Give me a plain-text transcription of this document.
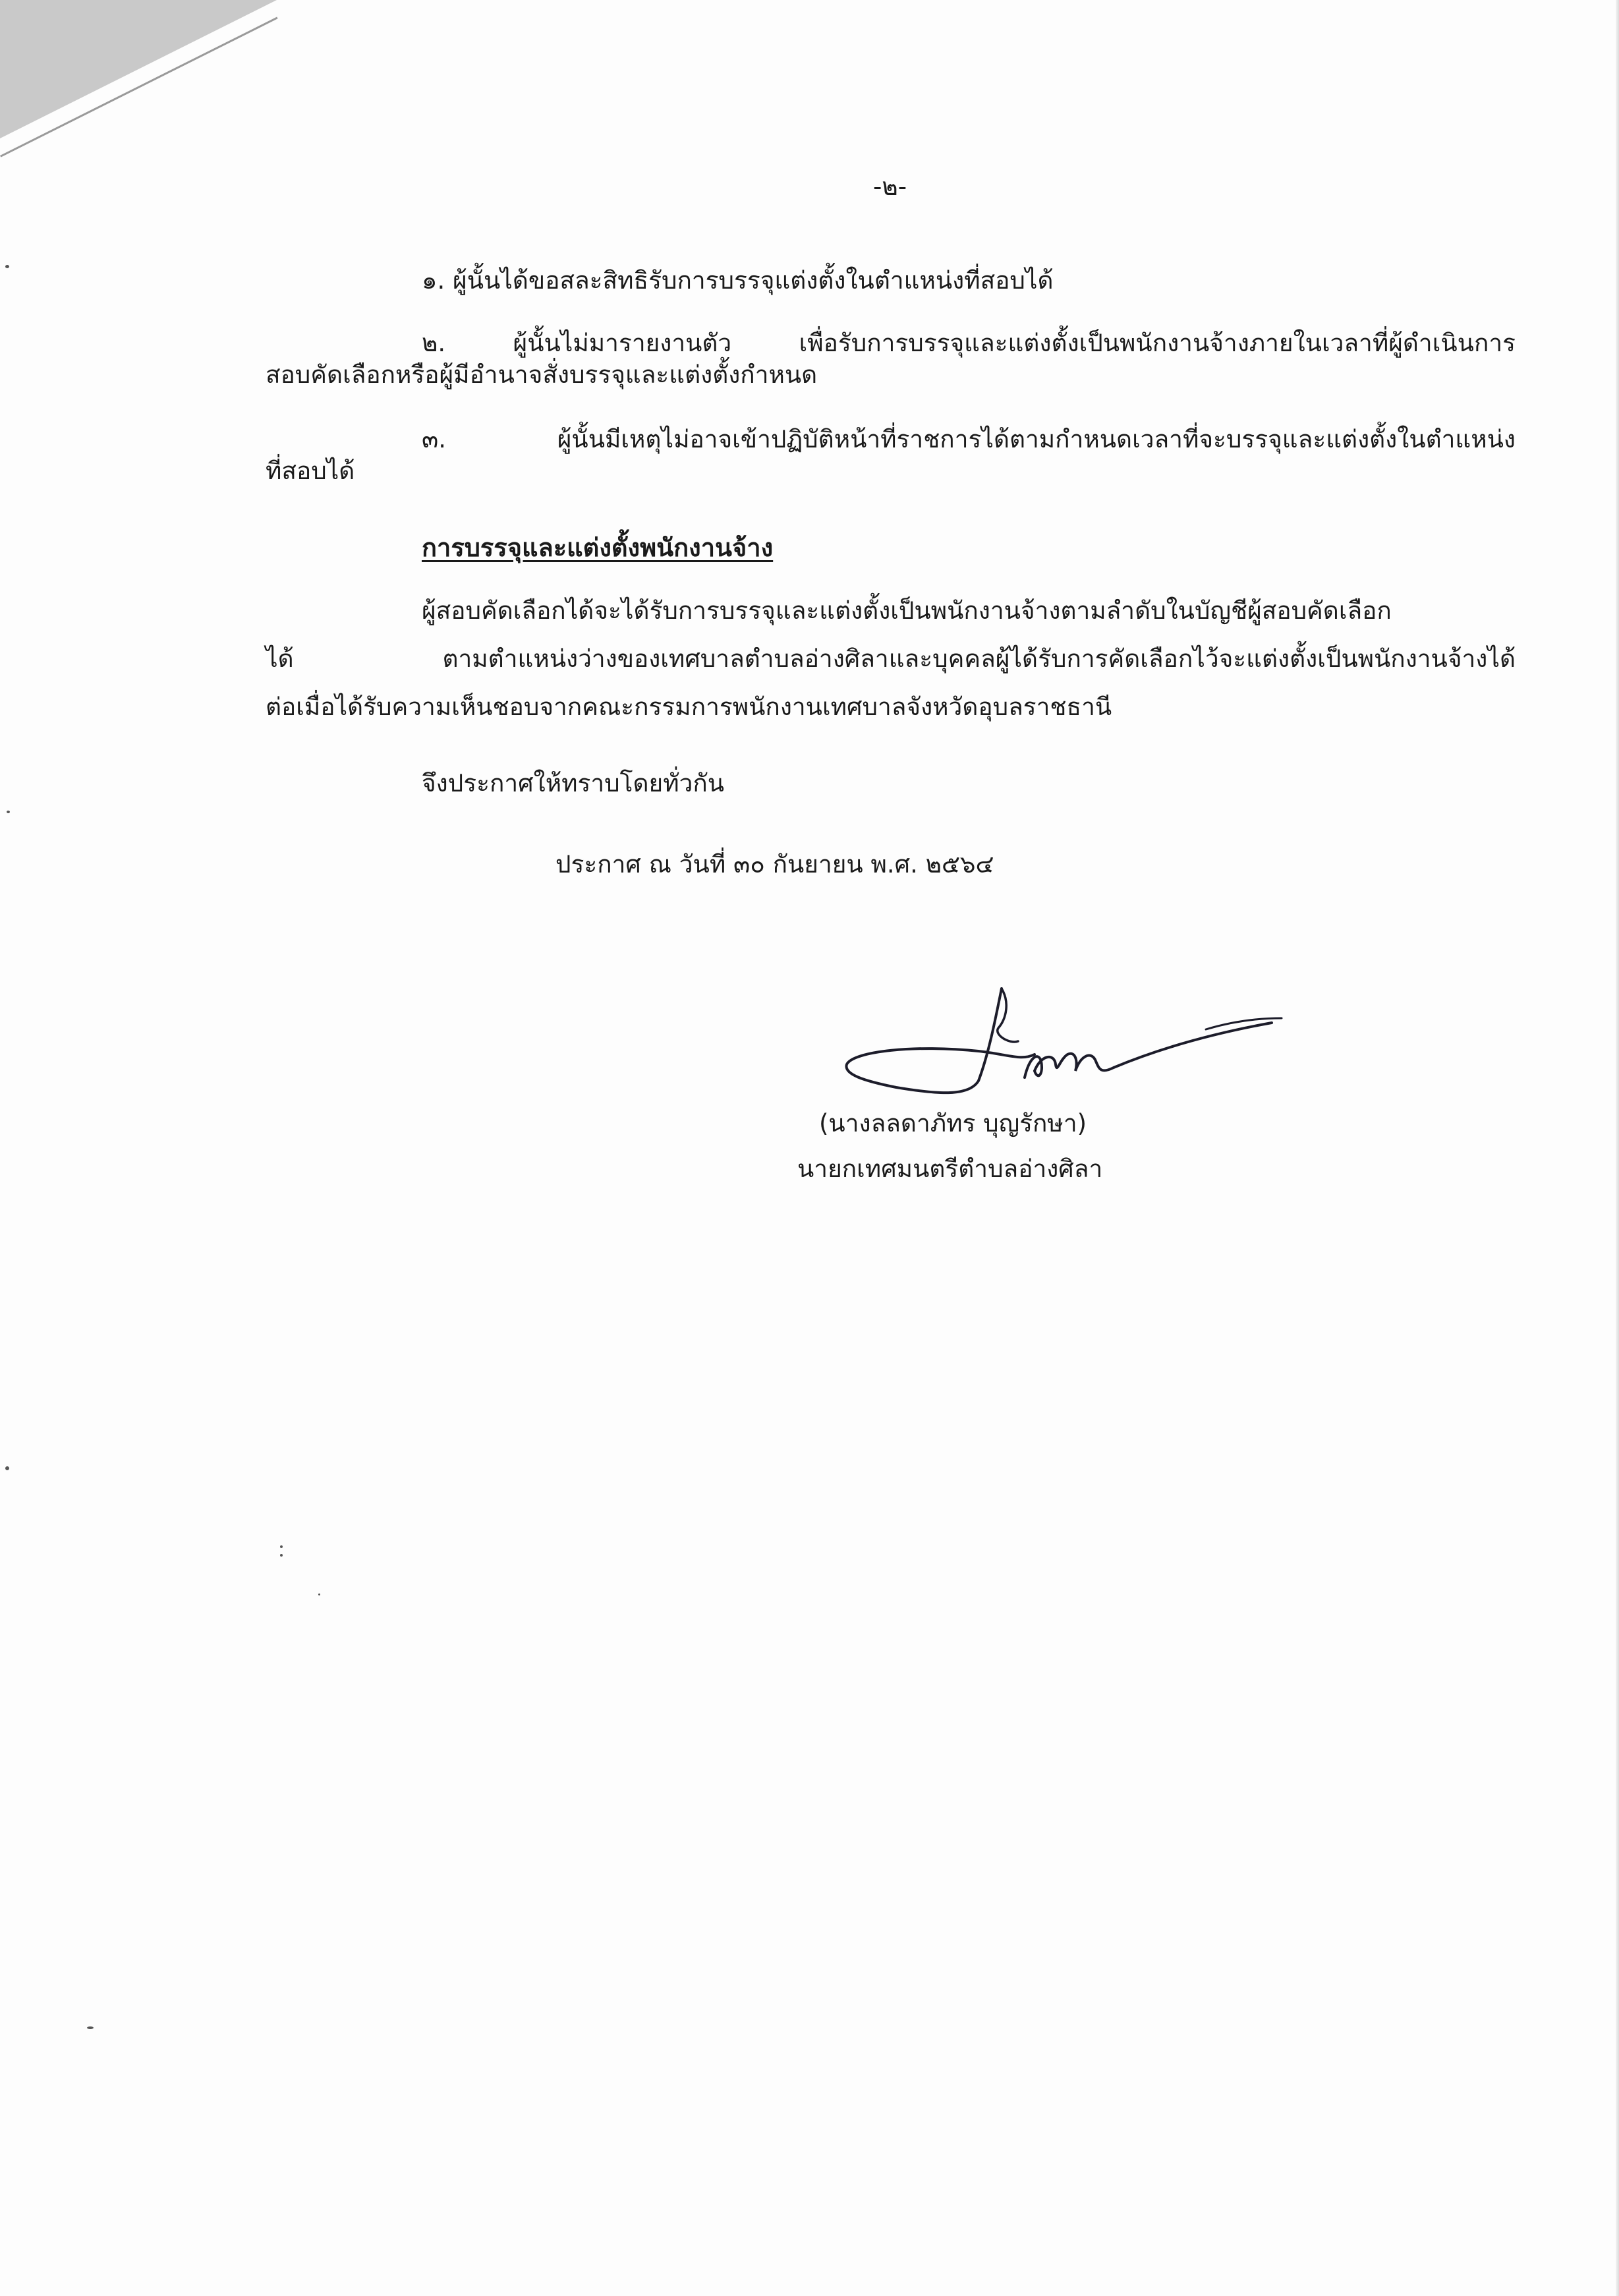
-๒-
๑. ผู้นั้นได้ขอสละสิทธิรับการบรรจุแต่งตั้งในตำแหน่งที่สอบได้
๒. ผู้นั้นไม่มารายงานตัว เพื่อรับการบรรจุและแต่งตั้งเป็นพนักงานจ้างภายในเวลาที่ผู้ดำเนินการ
สอบคัดเลือกหรือผู้มีอำนาจสั่งบรรจุและแต่งตั้งกำหนด
๓. ผู้นั้นมีเหตุไม่อาจเข้าปฏิบัติหน้าที่ราชการได้ตามกำหนดเวลาที่จะบรรจุและแต่งตั้งในตำแหน่ง
ที่สอบได้
การบรรจุและแต่งตั้งพนักงานจ้าง
ผู้สอบคัดเลือกได้จะได้รับการบรรจุและแต่งตั้งเป็นพนักงานจ้างตามลำดับในบัญชีผู้สอบคัดเลือก
ได้ ตามตำแหน่งว่างของเทศบาลตำบลอ่างศิลาและบุคคลผู้ได้รับการคัดเลือกไว้จะแต่งตั้งเป็นพนักงานจ้างได้
ต่อเมื่อได้รับความเห็นชอบจากคณะกรรมการพนักงานเทศบาลจังหวัดอุบลราชธานี
จึงประกาศให้ทราบโดยทั่วกัน
ประกาศ ณ วันที่ ๓๐ กันยายน พ.ศ. ๒๕๖๔
(นางลลดาภัทร บุญรักษา)
นายกเทศมนตรีตำบลอ่างศิลา
